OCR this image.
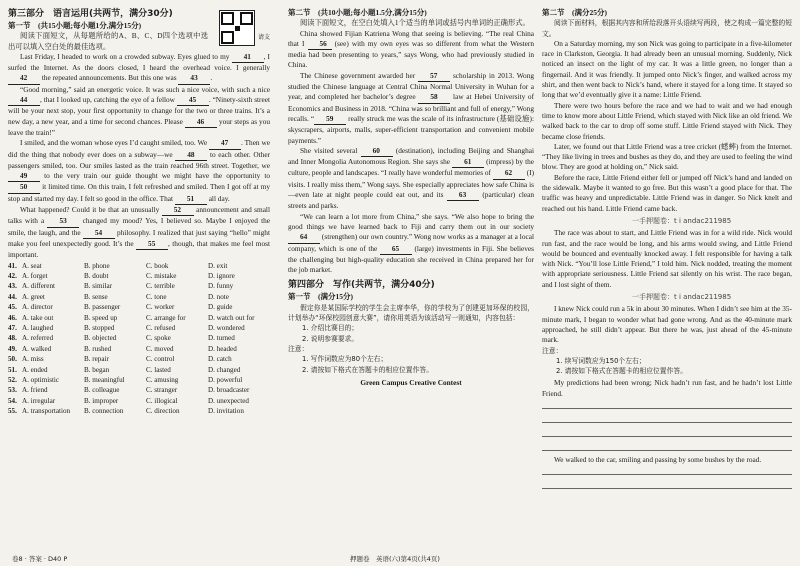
第三部分　语言运用(共两节，满分30分)
第一节　(共15小题;每小题1分,满分15分)

阅读下面短文，从每题所给的A、B、C、D四个选项中选出可以填入空白处的最佳选项。

Last Friday, I headed to work on a crowded subway. Eyes glued to my 41 , I surfed the Internet. As the doors closed, I heard the overhead voice. I generally 42 the repeated announcements. But this one was 43 .

“Good morning,” said an energetic voice. It was such a nice voice, with such a nice 44 , that I looked up, catching the eye of a fellow 45 . “Ninety-sixth street will be your next stop, your first opportunity to change for the two or three trains. It’s a new day, a new year, and a time for second chances. Please 46 your steps as you leave the train!”

I smiled, and the woman whose eyes I’d caught smiled, too. We 47 . Then we did the thing that nobody ever does on a subway—we 48 to each other. Other passengers smiled, too. Our smiles lasted as the train reached 96th street. Together, we 49 to the very train our guide thought we might have the opportunity to 50 it limited time. On this train, I felt refreshed and smiled. Then I got off at my stop and started my day. I felt so good in the office. That 51 all day.

What happened? Could it be that an unusually 52 announcement and small talks with a 53 changed my mood? Yes, I believed so. Maybe I enjoyed the smile, the laugh, and the 54 philosophy. I realized that just saying “hello” might make you feel unexpectedly good. It’s the 55 , though, that makes me feel most important.

41. A. seat	B. phone	C. book	D. exit
42. A. forget	B. doubt	C. mistake	D. ignore
43. A. different	B. similar	C. terrible	D. funny
44. A. greet	B. sense	C. tone	D. note
45. A. director	B. passenger	C. worker	D. guide
46. A. take out	B. speed up	C. arrange for	D. watch out for
47. A. laughed	B. stopped	C. refused	D. wondered
48. A. referred	B. objected	C. spoke	D. turned
49. A. walked	B. rushed	C. moved	D. headed
50. A. miss	B. repair	C. control	D. catch
51. A. ended	B. began	C. lasted	D. changed
52. A. optimistic	B. meaningful	C. amusing	D. powerful
53. A. friend	B. colleague	C. stranger	D. broadcaster
54. A. irregular	B. improper	C. illogical	D. unexpected
55. A. transportation	B. connection	C. direction	D. invitation
请支
卷8 · 答案 · D40 P
第二节　(共10小题;每小题1.5分,满分15分)

阅读下面短文，在空白处填入1个适当的单词或括号内单词的正确形式。

China showed Fijian Katriena Wong that seeing is believing. “The real China that I 56 (see) with my own eyes was so different from what the Western media had been presenting to years,” says Wong, who had previously studied in China.

The Chinese government awarded her 57 scholarship in 2013. Wong studied the Chinese language at Central China Normal University in Wuhan for a year, and completed her bachelor’s degree 58 law at Hebei University of Economics and Business in 2018. “China was so brilliant and full of energy,” Wong recalls. “ 59 really struck me was the scale of its infrastructure (基础设施): skyscrapers, airports, malls, super-efficient transportation and convenient mobile payments.”

She visited several 60 (destination), including Beijing and Shanghai and Inner Mongolia Autonomous Region. She says she 61 (impress) by the culture, people and landscapes. “I really have wonderful memories of 62 (I) visits. I really miss them,” Wong says. She especially appreciates how safe China is—even late at night people could eat out, and its 63 (particular) clean streets and parks.

“We can learn a lot more from China,” she says. “We also hope to bring the good things we have learned back to Fiji and carry them out in our society 64 (strengthen) our own country.” Wong now works as a manager at a local company, which is one of the 65 (large) investments in Fiji. She believes the challenging but high-quality education she received in China prepared her for the job market.

第四部分　写作(共两节，满分40分)
第一节　(满分15分)

假定你是某国际学校的学生会主席李华，你的学校为了创建更加环保的校园，计划举办“环保校园创意大赛”，请你用英语为该活动写一则通知，内容包括：

1. 介绍比赛目的；
2. 说明参赛要求。
注意：
1. 写作词数应为80个左右；
2. 请按如下格式在答题卡的相应位置作答。
Green Campus Creative Contest
押题卷　英语(六)第4页(共4页)
第二节　(满分25分)

阅读下面材料，根据其内容和所给段落开头语续写两段，使之构成一篇完整的短文。

On a Saturday morning, my son Nick was going to participate in a five-kilometer race in Clarkston, Georgia. It had already been an unusual morning. Suddenly, Nick noticed an insect on the light of my car. It was a little green, no longer than a fingernail. And it was friendly. It jumped onto Nick’s finger, and walked across my shirt, and then went back to Nick’s hand, where it stayed for a long time. It stayed so long that we’d eventually give it a name: Little Friend.

There were two hours before the race and we had to wait and we had enough time to know more about Little Friend, which stayed with Nick like an old friend. We walked back to the car to drop off some stuff. Little Friend stayed with Nick. They became close friends.

Later, we found out that Little Friend was a tree cricket (蟋蟀) from the Internet. “They like living in trees and bushes as they do, and they are used to feeling the wind blow. They are good at holding on,” Nick said.

Before the race, Little Friend either fell or jumped off Nick’s hand and landed on the sidewalk. Maybe it wanted to go free. But this wasn’t a good place for that. The traffic was heavy and unpredictable. Little Friend was in danger. So Nick knelt and reached out his hand. Little Friend came back.

一手押题卷：t i andac211985

The race was about to start, and Little Friend was in for a wild ride. Nick would run fast, and the race would be long, and his arms would swing, and Little Friend would be bounced and eventually knocked away. I felt responsible for having a talk with Nick. “You’ll lose Little Friend,” I told him. Nick nodded, treating the moment with appropriate seriousness. Little Friend sat silently on his wrist. The race began, and I lost sight of them.

一手押题卷：t i andac211985

I knew Nick could run a 5k in about 30 minutes. When I didn’t see him at the 35-minute mark, I began to wonder what had gone wrong. And as the 40-minute mark approached, he still didn’t appear. But there he was, just ahead of the 45-minute mark.

注意：
1. 续写词数应为150个左右；
2. 请按如下格式在答题卡的相应位置作答。

My predictions had been wrong; Nick hadn’t run fast, and he hadn’t lost Little Friend.

We walked to the car, smiling and passing by some bushes by the road.
